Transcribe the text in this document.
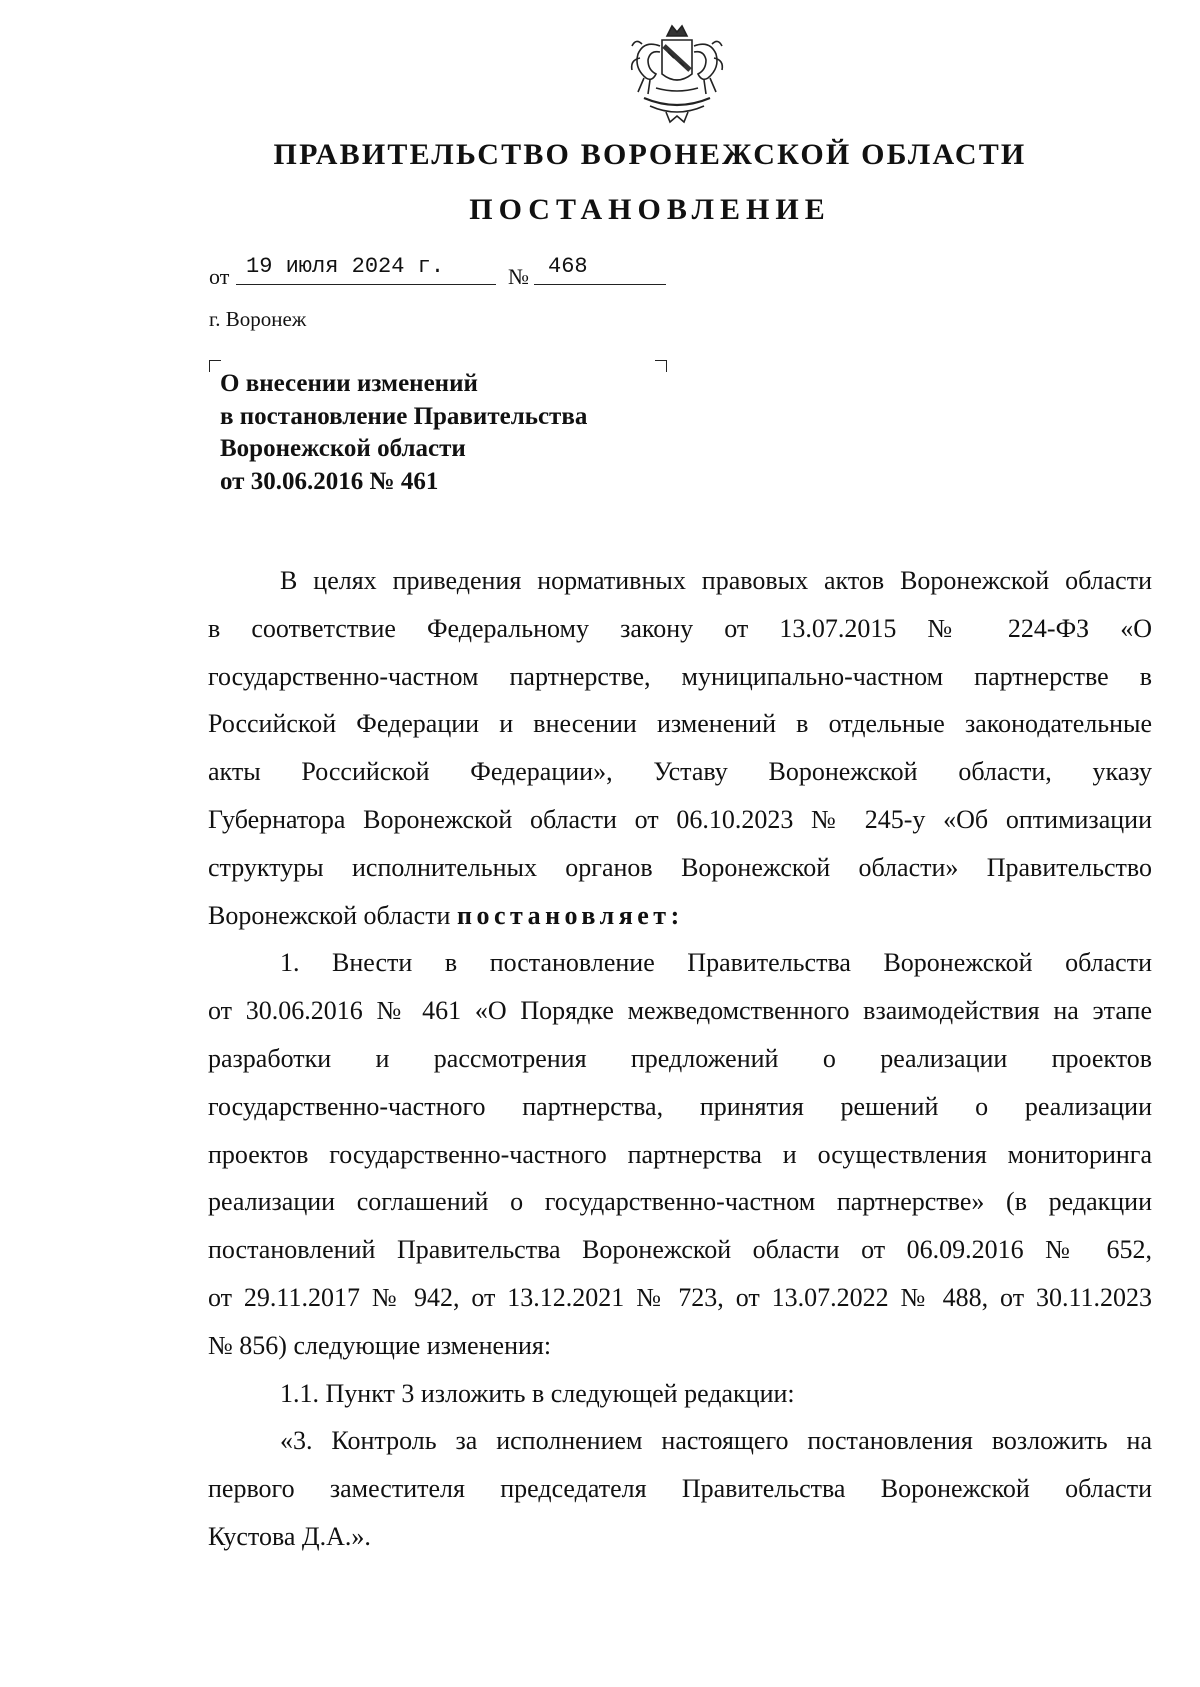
ПРАВИТЕЛЬСТВО ВОРОНЕЖСКОЙ ОБЛАСТИ
ПОСТАНОВЛЕНИЕ
от 19 июля 2024 г.	№ 468
г. Воронеж
О внесении изменений
в постановление Правительства
Воронежской области
от 30.06.2016 № 461
В целях приведения нормативных правовых актов Воронежской области
в соответствие Федеральному закону от 13.07.2015 № 224-ФЗ «О
государственно-частном партнерстве, муниципально-частном партнерстве в
Российской Федерации и внесении изменений в отдельные законодательные
акты Российской Федерации», Уставу Воронежской области, указу
Губернатора Воронежской области от 06.10.2023 № 245-у «Об оптимизации
структуры исполнительных органов Воронежской области» Правительство
Воронежской области постановляет:
1. Внести в постановление Правительства Воронежской области
от 30.06.2016 № 461 «О Порядке межведомственного взаимодействия на этапе
разработки и рассмотрения предложений о реализации проектов
государственно-частного партнерства, принятия решений о реализации
проектов государственно-частного партнерства и осуществления мониторинга
реализации соглашений о государственно-частном партнерстве» (в редакции
постановлений Правительства Воронежской области от 06.09.2016 № 652,
от 29.11.2017 № 942, от 13.12.2021 № 723, от 13.07.2022 № 488, от 30.11.2023
№ 856) следующие изменения:
1.1. Пункт 3 изложить в следующей редакции:
«3. Контроль за исполнением настоящего постановления возложить на
первого заместителя председателя Правительства Воронежской области
Кустова Д.А.».
